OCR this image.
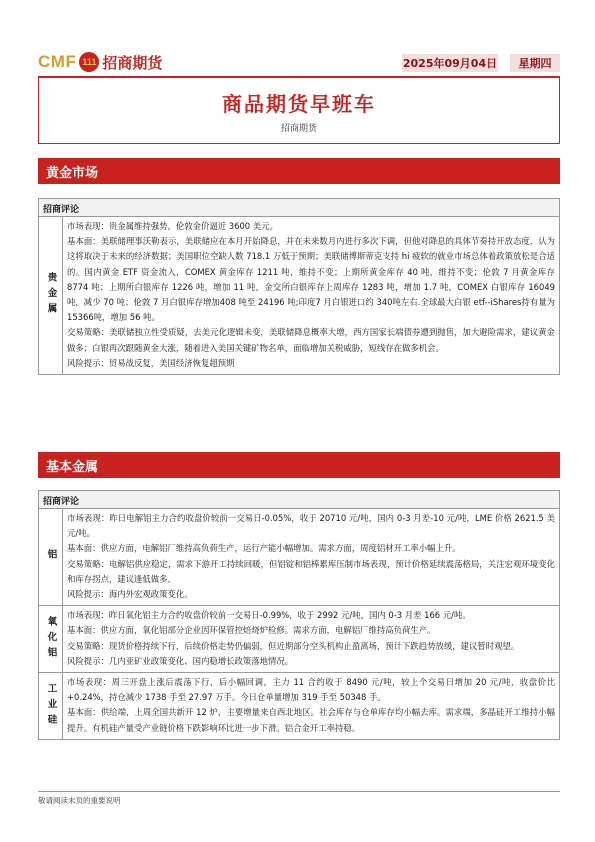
CMF 111 招商期货	2025年09月04日	星期四
商品期货早班车
招商期货
黄金市场
招商评论
贵金属

市场表现：贵金属维持强势，伦敦金价逼近 3600 美元。

基本面：美联储理事沃勒表示，美联储应在本月开始降息，并在未来数月内进行多次下调，但他对降息的具体节奏持开放态度，认为这将取决于未来的经济数据；美国职位空缺人数 718.1 万低于预期；美联储博斯蒂克支持 hi 疲软的就业市场总体着政策放松是合适的。国内黄金 ETF 资金流入，COMEX 黄金库存 1211 吨，维持不变；上期所黄金库存 40 吨，维持不变；伦敦 7 月黄金库存 8774 吨；上期所白银库存 1226 吨，增加 11 吨，金交所白银库存上周库存 1283 吨，增加 1.7 吨，COMEX 白银库存 16049 吨，减少 70 吨；伦敦 7 月白银库存增加408 吨至 24196 吨;印度7 月白银进口约 340吨左右.全球最大白银 etf--iShares持有量为 15366吨，增加 56 吨。

交易策略：美联储独立性受质疑，去美元化逻辑未变，美联储降息概率大增，西方国家长端债券遭到抛售，加大避险需求，建议黄金做多；白银再次跟随黄金大涨，随着进入美国关键矿物名单，面临增加关税威胁，短线存在做多机会。

风险提示：贸易战反复，美国经济恢复超预期

基本金属
招商评论
铝

市场表现：昨日电解铝主力合约收盘价较前一交易日-0.05%，收于 20710 元/吨，国内 0-3 月差-10 元/吨，LME 价格 2621.5 美元/吨。

基本面：供应方面，电解铝厂维持高负荷生产，运行产能小幅增加。需求方面，周度铝材开工率小幅上升。

交易策略：电解铝供应稳定，需求下游开工持续回暖，但铝锭和铝棒累库压制市场表现，预计价格延续震荡格局，关注宏观环境变化和库存拐点，建议逢低做多。

风险提示：海内外宏观政策变化。

氧化铝

市场表现：昨日氧化铝主力合约收盘价较前一交易日-0.99%，收于 2992 元/吨，国内 0-3 月差 166 元/吨。

基本面：供应方面，氧化铝部分企业因环保管控焙烧炉检修。需求方面，电解铝厂维持高负荷生产。

交易策略：现货价格持续下行，后续价格走势仍偏弱，但近期部分空头机构止盈离场，预计下跌趋势放缓，建议暂时观望。

风险提示：几内亚矿业政策变化、国内稳增长政策落地情况。

工业硅

市场表现：周三开盘上涨后震荡下行，后小幅回调，主力 11 合约收于 8490 元/吨，较上个交易日增加 20 元/吨，收盘价比+0.24%，持仓减少 1738 手至 27.97 万手。今日仓单量增加 319 手至 50348 手。

基本面：供给端，上周全国共新开 12 炉，主要增量来自西北地区。社会库存与仓单库存均小幅去库。需求端，多晶硅开工维持小幅提升。有机硅产量受产业链价格下跌影响环比进一步下滑。铝合金开工率持稳。

敬请阅读末页的重要说明
